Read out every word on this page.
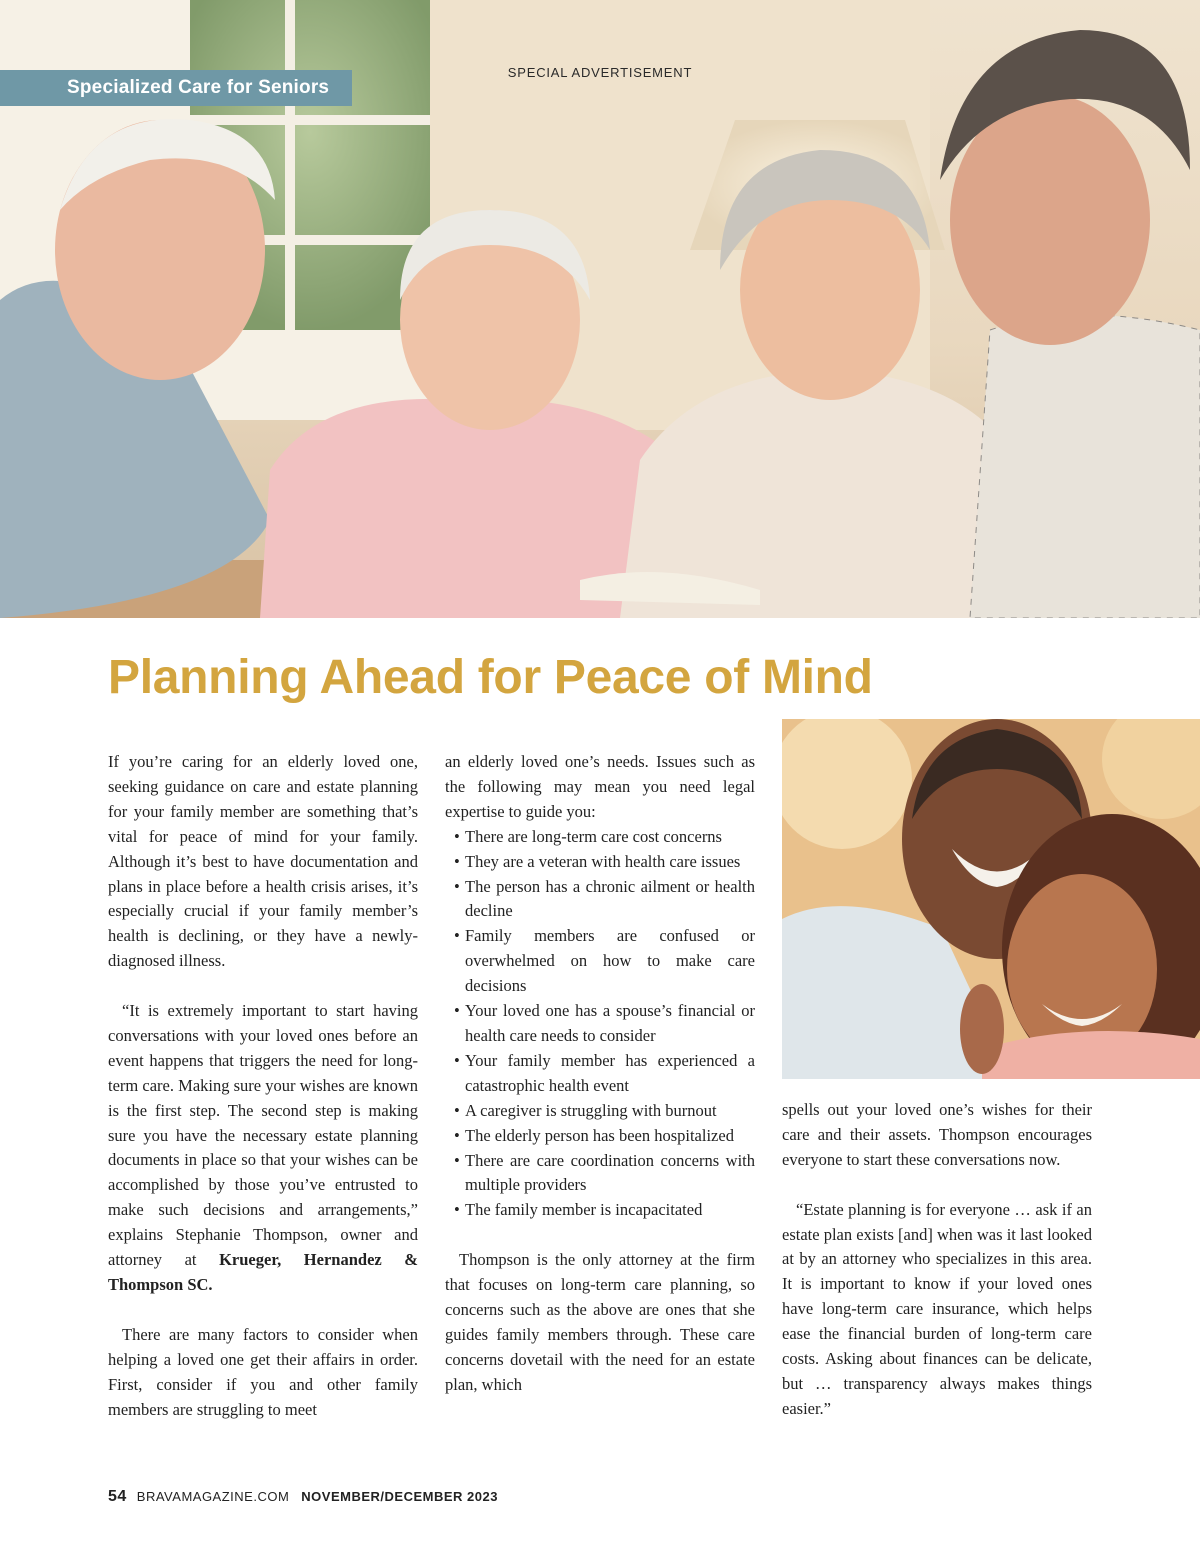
Specialized Care for Seniors
SPECIAL ADVERTISEMENT
Planning Ahead for Peace of Mind

If you’re caring for an elderly loved one, seeking guidance on care and estate planning for your family member are something that’s vital for peace of mind for your family. Although it’s best to have documentation and plans in place before a health crisis arises, it’s especially crucial if your family member’s health is declining, or they have a newly-diagnosed illness.

“It is extremely important to start having conversations with your loved ones before an event happens that triggers the need for long-term care. Making sure your wishes are known is the first step. The second step is making sure you have the necessary estate planning documents in place so that your wishes can be accomplished by those you’ve entrusted to make such decisions and arrangements,” explains Stephanie Thompson, owner and attorney at Krueger, Hernandez & Thompson SC.

There are many factors to consider when helping a loved one get their affairs in order. First, consider if you and other family members are struggling to meet

an elderly loved one’s needs. Issues such as the following may mean you need legal expertise to guide you:

• There are long-term care cost concerns
• They are a veteran with health care issues
• The person has a chronic ailment or health decline
• Family members are confused or overwhelmed on how to make care decisions
• Your loved one has a spouse’s financial or health care needs to consider
• Your family member has experienced a catastrophic health event
• A caregiver is struggling with burnout
• The elderly person has been hospitalized
• There are care coordination concerns with multiple providers
• The family member is incapacitated

Thompson is the only attorney at the firm that focuses on long-term care planning, so concerns such as the above are ones that she guides family members through. These care concerns dovetail with the need for an estate plan, which

spells out your loved one’s wishes for their care and their assets. Thompson encourages everyone to start these conversations now.

“Estate planning is for everyone … ask if an estate plan exists [and] when was it last looked at by an attorney who specializes in this area. It is important to know if your loved ones have long-term care insurance, which helps ease the financial burden of long-term care costs. Asking about finances can be delicate, but … transparency always makes things easier.”

54 BRAVAMAGAZINE.COM NOVEMBER/DECEMBER 2023
